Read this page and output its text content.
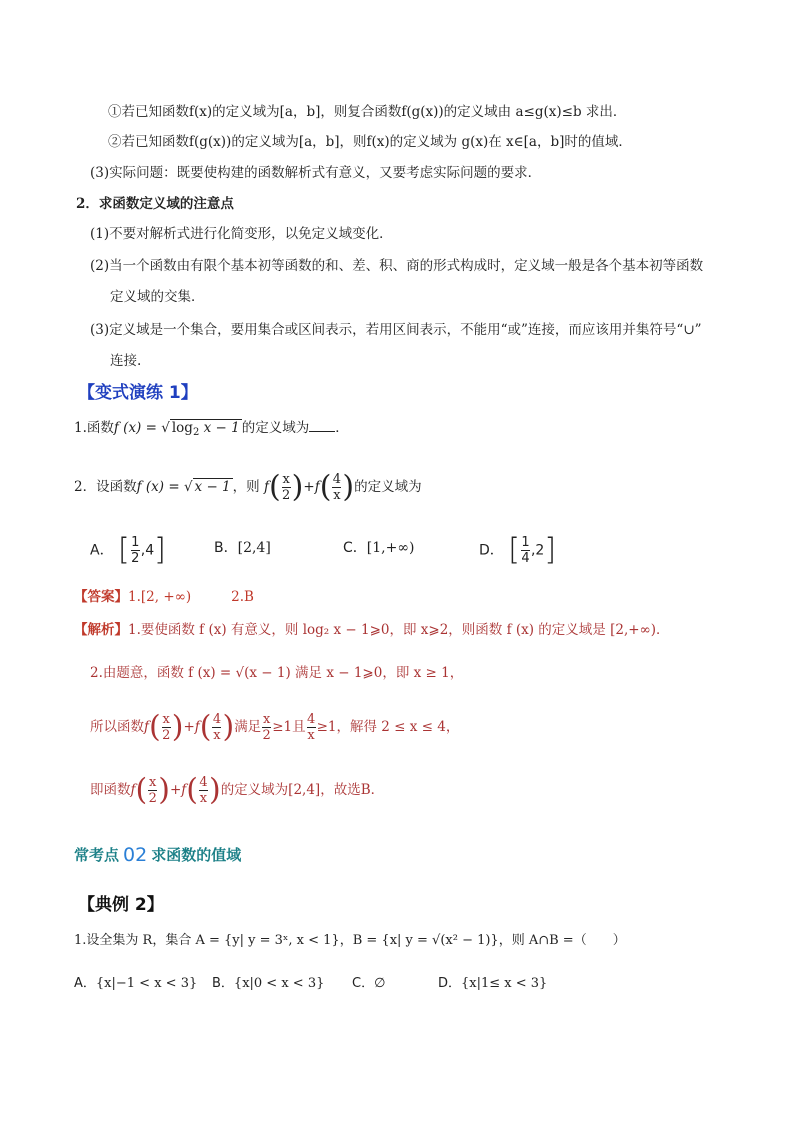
①若已知函数f(x)的定义域为[a，b]，则复合函数f(g(x))的定义域由 a≤g(x)≤b 求出．
②若已知函数f(g(x))的定义域为[a，b]，则f(x)的定义域为 g(x)在 x∈[a，b]时的值域．
(3)实际问题：既要使构建的函数解析式有意义，又要考虑实际问题的要求．
2．求函数定义域的注意点
(1)不要对解析式进行化简变形，以免定义域变化．
(2)当一个函数由有限个基本初等函数的和、差、积、商的形式构成时，定义域一般是各个基本初等函数
定义域的交集．
(3)定义域是一个集合，要用集合或区间表示，若用区间表示，不能用“或”连接，而应该用并集符号“∪”
连接.
【变式演练 1】
1.函数f (x) = √ $\log_2 x - 1$ 的定义域为 ．
2．设函数f (x) = √ x − 1 ，则 $f( \frac{x}{2} )+f( \frac{4}{x}$ )的定义域为
A． [ $\frac{1}{2} ,4$]	B．[2,4]	C．[1,+∞)	D． [ $\frac{1}{4} ,2$]
【答案】1.[2, +∞)	2.B
【解析】1.要使函数 f (x) 有意义，则 log₂ x − 1⩾0，即 x⩾2，则函数 f (x) 的定义域是 [2,+∞)．
2.由题意，函数 f (x) = √(x − 1) 满足 x − 1⩾0，即 x ≥ 1，
所以函数$f( \frac{x}{2} )+f( \frac{4}{x}$ )满足 $\frac{x}{2} \ge 1$且 $\frac{4}{x} \ge 1$，解得 2 ≤ x ≤ 4，
即函数$f( \frac{x}{2} )+f( \frac{4}{x}$ )的定义域为[2,4]，故选B．
常考点 02 求函数的值域
【典例 2】
1.设全集为 R，集合 A = {y| y = 3ˣ, x < 1}，B = {x| y = √(x² − 1)}，则 A∩B =（　　）
A．{x|−1 < x < 3} B．{x|0 < x < 3} C．∅	D．{x|1≤ x < 3}
